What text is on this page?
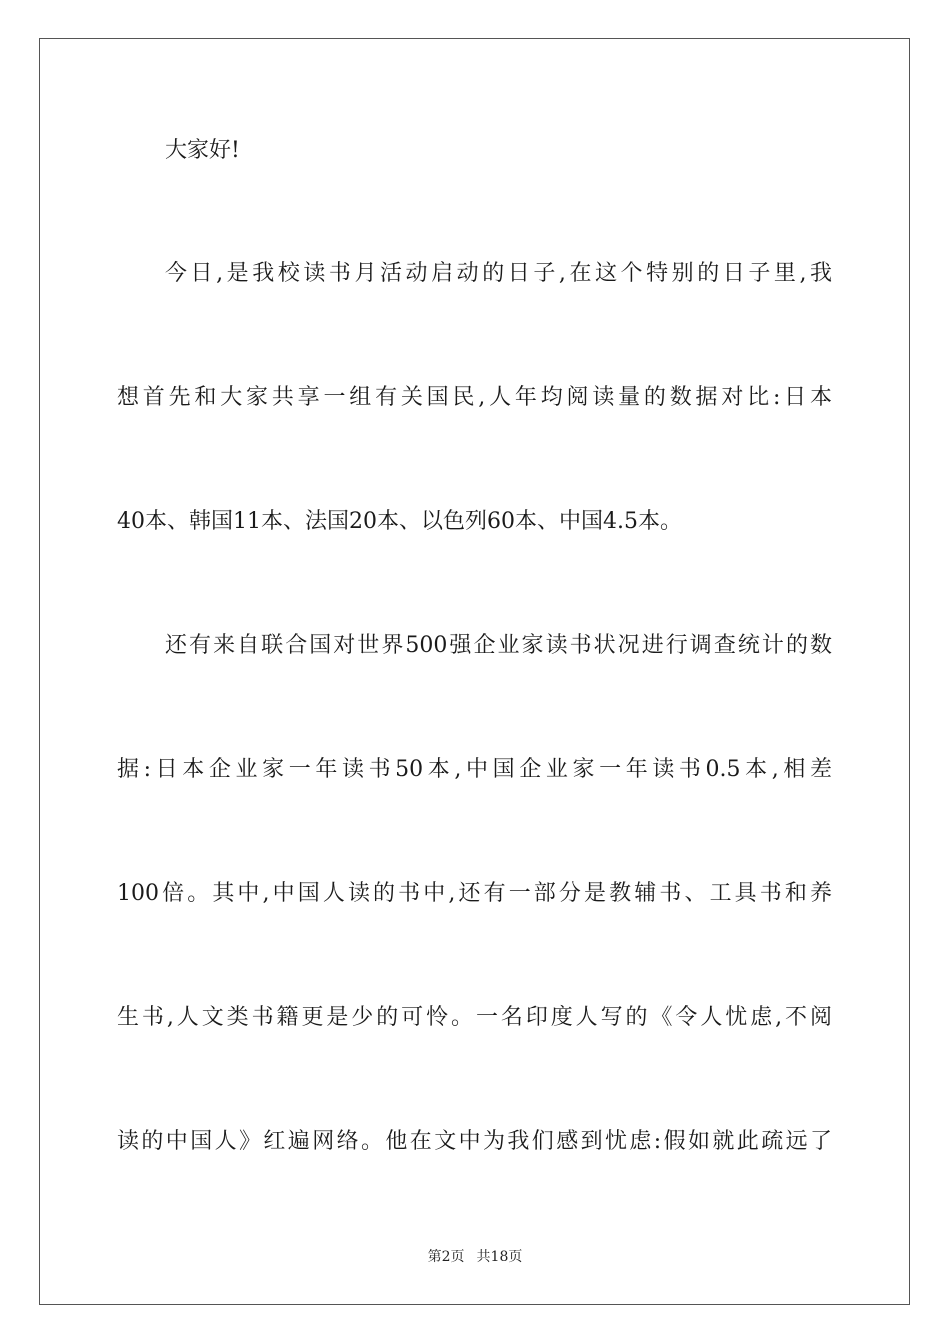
大家好!
今日,是我校读书月活动启动的日子,在这个特别的日子里,我
想首先和大家共享一组有关国民,人年均阅读量的数据对比:日本
40本、韩国11本、法国20本、以色列60本、中国4.5本。
还有来自联合国对世界500强企业家读书状况进行调查统计的数
据:日本企业家一年读书50本,中国企业家一年读书0.5本,相差
100倍。其中,中国人读的书中,还有一部分是教辅书、工具书和养
生书,人文类书籍更是少的可怜。一名印度人写的《令人忧虑,不阅
读的中国人》红遍网络。他在文中为我们感到忧虑:假如就此疏远了
第2页 共18页
